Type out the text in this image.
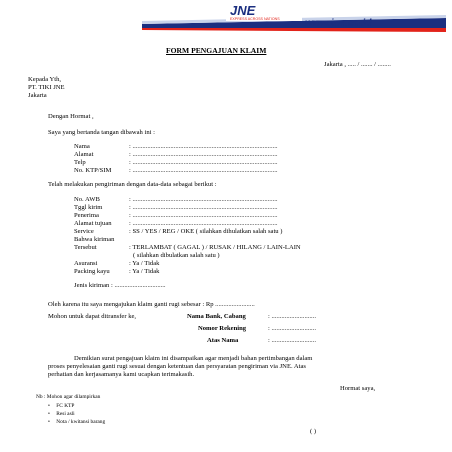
JNE
EXPRESS ACROSS NATIONS	www.jne.co.id
FORM PENGAJUAN KLAIM
Jakarta , ..... / ....... / ........
Kepada Yth,
PT. TIKI JNE
Jakarta
Dengan Hormat ,
Saya yang bertanda tangan dibawah ini :
Nama	: ........................................................................................
Alamat	: ........................................................................................
Telp	: ........................................................................................
No. KTP/SIM	: ........................................................................................
Telah melakukan pengiriman dengan data-data sebagai berikut :
No. AWB	: ........................................................................................
Tggl kirim	: ........................................................................................
Penerima	: ........................................................................................
Alamat tujuan	: ........................................................................................
Service	: SS / YES / REG / OKE ( silahkan dihulatkan salah satu )
Bahwa kiriman
Tersebut	: TERLAMBAT ( GAGAL ) / RUSAK / HILANG / LAIN-LAIN
( silahkan dibulatkan salah satu )
Asuransi	: Ya / Tidak
Packing kayu	: Ya / Tidak
Jenis kiriman : ...............................
Oleh karena itu saya mengajukan klaim ganti rugi sebesar : Rp ........................
Mohon untuk dapat ditransfer ke,	Nama Bank, Cabang	: ...........................
Nomor Rekening	: ...........................
Atas Nama	: ...........................
Demikian surat pengajuan klaim ini disampaikan agar menjadi bahan pertimbangan dalam
proses penyelesaian ganti rugi sesuai dengan ketentuan dan persyaratan pengiriman via JNE. Atas
perhatian dan kerjasamanya kami ucapkan terimakasih.
Hormat saya,
Nb : Mohon agar dilampirkan
• FC KTP
• Resi asli
• Nota / kwitansi barang
( )
